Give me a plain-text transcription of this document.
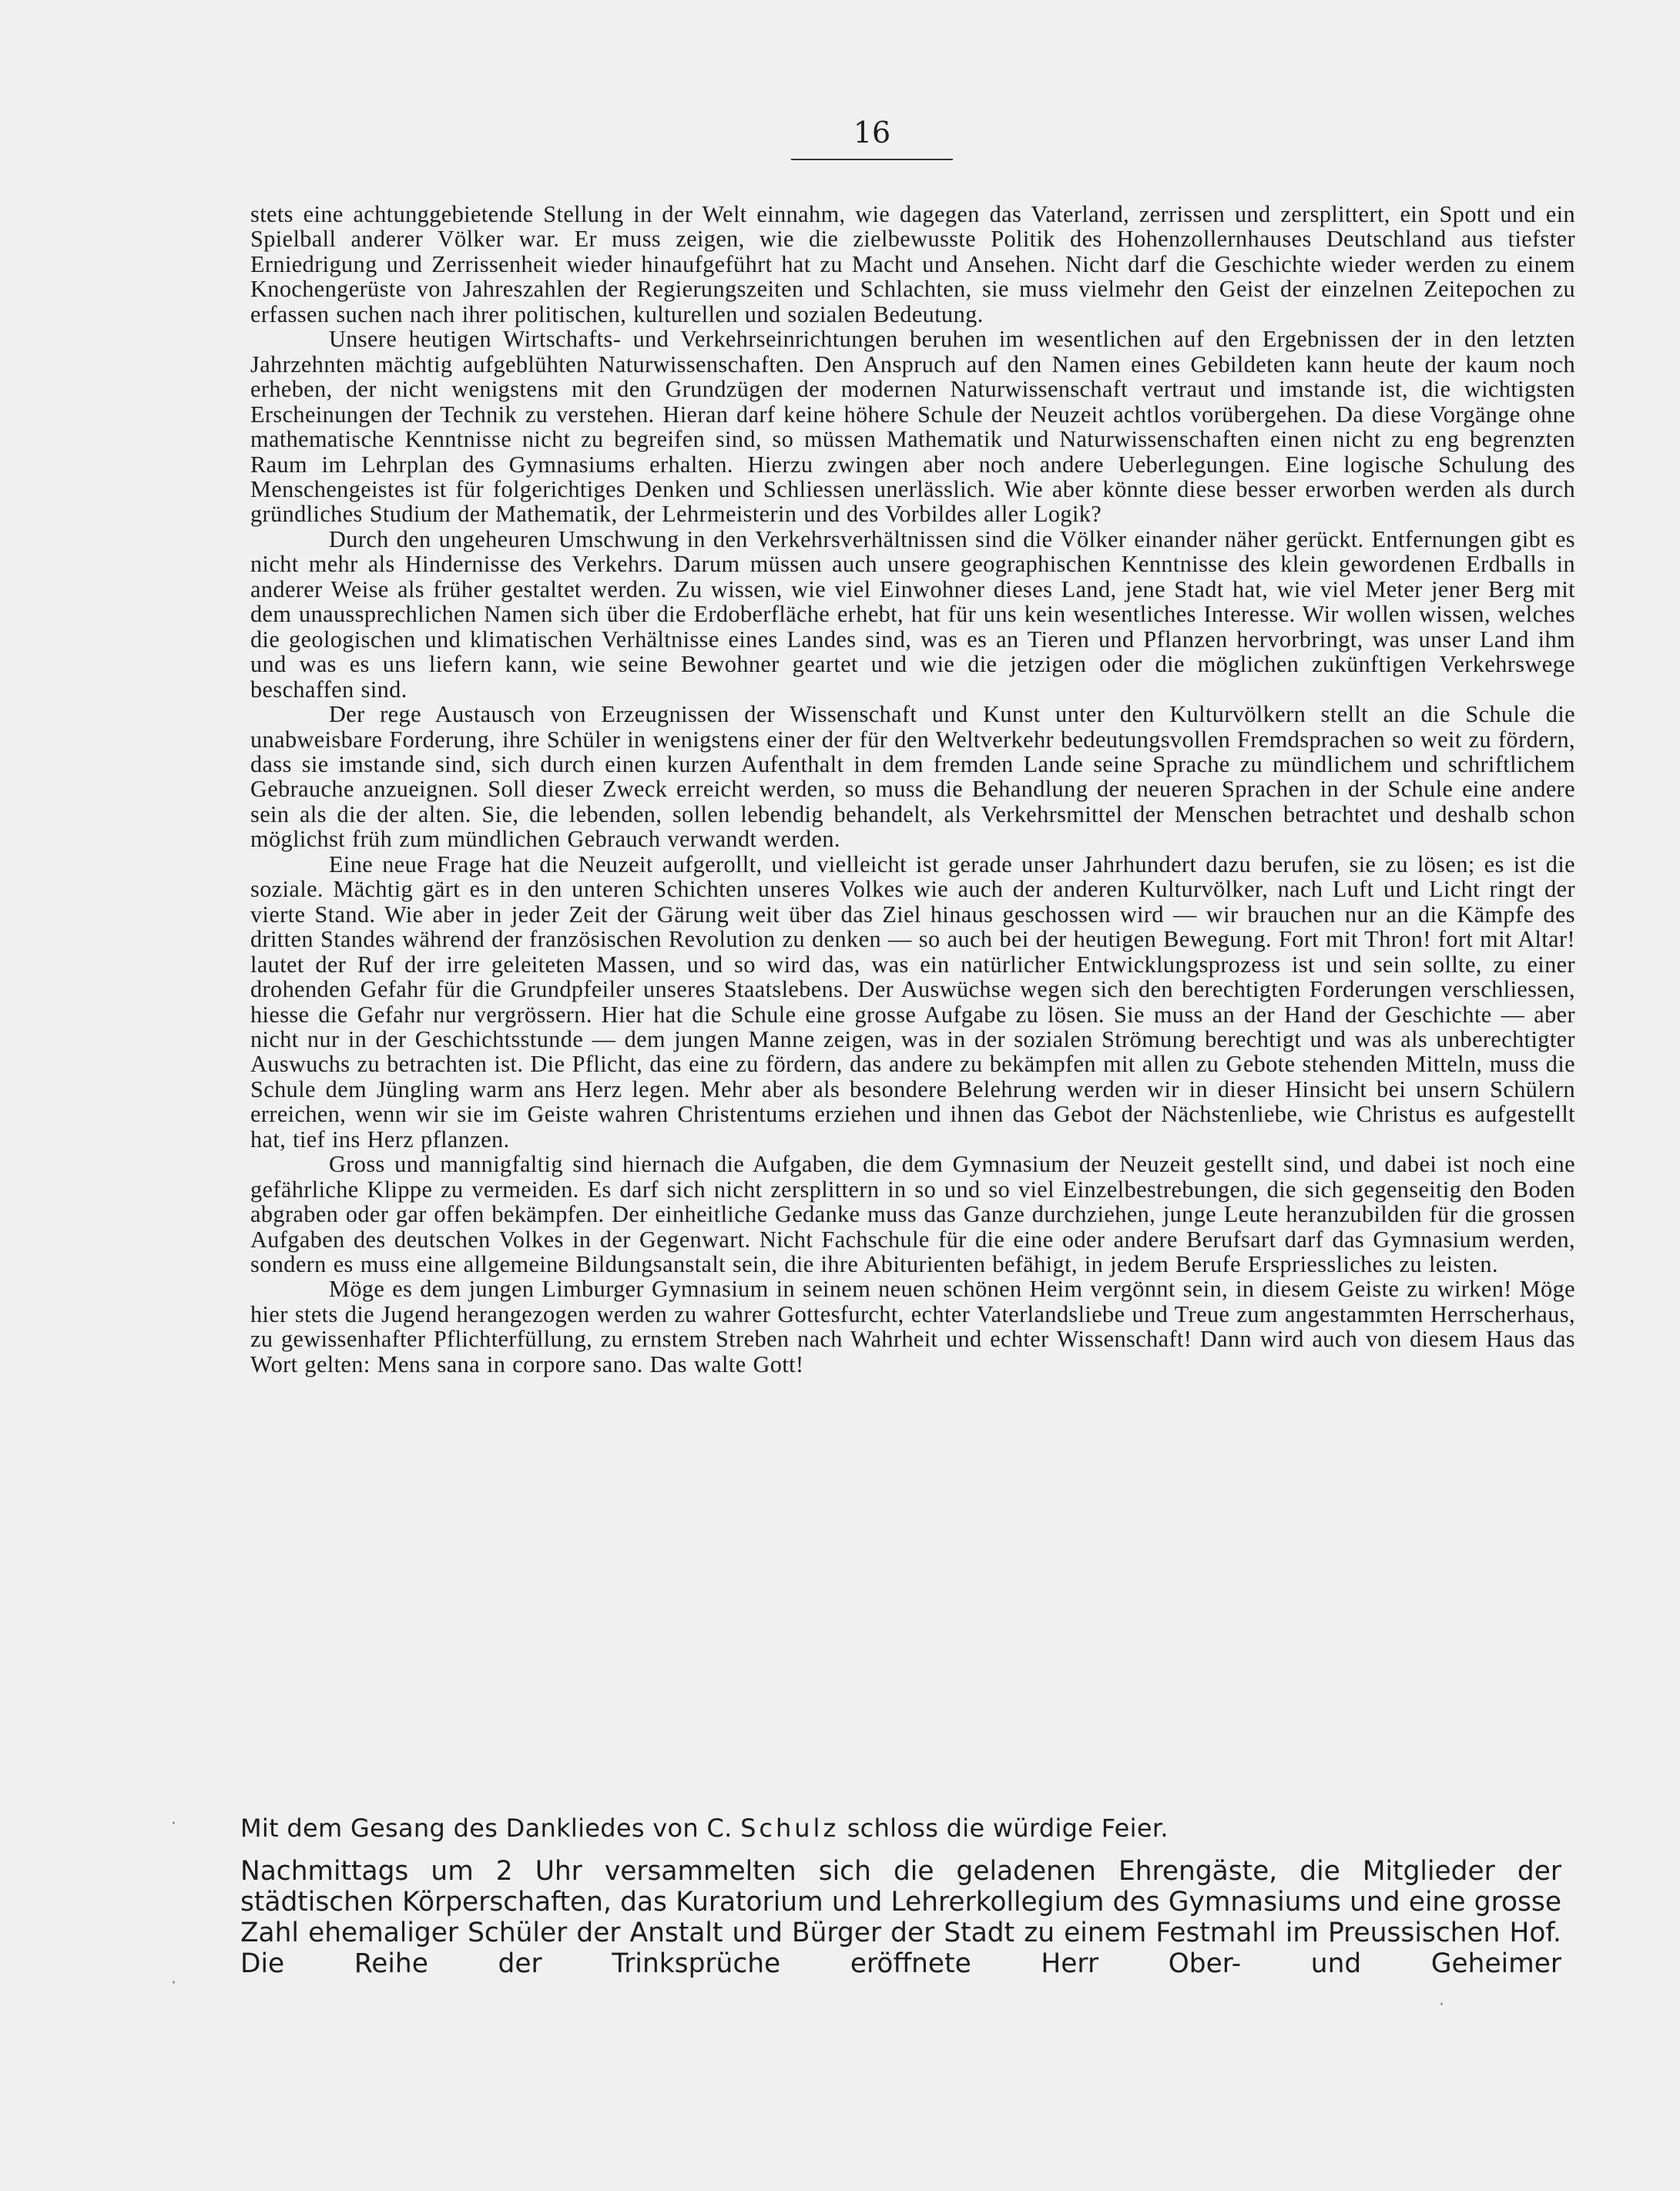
16

stets eine achtunggebietende Stellung in der Welt einnahm, wie dagegen das Vaterland, zerrissen und zersplittert, ein Spott und ein Spielball anderer Völker war. Er muss zeigen, wie die zielbewusste Politik des Hohenzollernhauses Deutschland aus tiefster Erniedrigung und Zerrissenheit wieder hinaufgeführt hat zu Macht und Ansehen. Nicht darf die Geschichte wieder werden zu einem Knochengerüste von Jahreszahlen der Regierungszeiten und Schlachten, sie muss vielmehr den Geist der einzelnen Zeitepochen zu erfassen suchen nach ihrer politischen, kulturellen und sozialen Bedeutung.

Unsere heutigen Wirtschafts- und Verkehrseinrichtungen beruhen im wesentlichen auf den Ergebnissen der in den letzten Jahrzehnten mächtig aufgeblühten Naturwissenschaften. Den Anspruch auf den Namen eines Gebildeten kann heute der kaum noch erheben, der nicht wenigstens mit den Grundzügen der modernen Naturwissenschaft vertraut und imstande ist, die wichtigsten Erscheinungen der Technik zu verstehen. Hieran darf keine höhere Schule der Neuzeit achtlos vorübergehen. Da diese Vorgänge ohne mathematische Kenntnisse nicht zu begreifen sind, so müssen Mathematik und Naturwissenschaften einen nicht zu eng begrenzten Raum im Lehrplan des Gymnasiums erhalten. Hierzu zwingen aber noch andere Ueberlegungen. Eine logische Schulung des Menschengeistes ist für folgerichtiges Denken und Schliessen unerlässlich. Wie aber könnte diese besser erworben werden als durch gründliches Studium der Mathematik, der Lehrmeisterin und des Vorbildes aller Logik?

Durch den ungeheuren Umschwung in den Verkehrsverhältnissen sind die Völker einander näher gerückt. Entfernungen gibt es nicht mehr als Hindernisse des Verkehrs. Darum müssen auch unsere geographischen Kenntnisse des klein gewordenen Erdballs in anderer Weise als früher gestaltet werden. Zu wissen, wie viel Einwohner dieses Land, jene Stadt hat, wie viel Meter jener Berg mit dem unaussprechlichen Namen sich über die Erdoberfläche erhebt, hat für uns kein wesentliches Interesse. Wir wollen wissen, welches die geologischen und klimatischen Verhältnisse eines Landes sind, was es an Tieren und Pflanzen hervorbringt, was unser Land ihm und was es uns liefern kann, wie seine Bewohner geartet und wie die jetzigen oder die möglichen zukünftigen Verkehrswege beschaffen sind.

Der rege Austausch von Erzeugnissen der Wissenschaft und Kunst unter den Kulturvölkern stellt an die Schule die unabweisbare Forderung, ihre Schüler in wenigstens einer der für den Weltverkehr bedeutungsvollen Fremdsprachen so weit zu fördern, dass sie imstande sind, sich durch einen kurzen Aufenthalt in dem fremden Lande seine Sprache zu mündlichem und schriftlichem Gebrauche anzueignen. Soll dieser Zweck erreicht werden, so muss die Behandlung der neueren Sprachen in der Schule eine andere sein als die der alten. Sie, die lebenden, sollen lebendig behandelt, als Verkehrsmittel der Menschen betrachtet und deshalb schon möglichst früh zum mündlichen Gebrauch verwandt werden.

Eine neue Frage hat die Neuzeit aufgerollt, und vielleicht ist gerade unser Jahrhundert dazu berufen, sie zu lösen; es ist die soziale. Mächtig gärt es in den unteren Schichten unseres Volkes wie auch der anderen Kulturvölker, nach Luft und Licht ringt der vierte Stand. Wie aber in jeder Zeit der Gärung weit über das Ziel hinaus geschossen wird — wir brauchen nur an die Kämpfe des dritten Standes während der französischen Revolution zu denken — so auch bei der heutigen Bewegung. Fort mit Thron! fort mit Altar! lautet der Ruf der irre geleiteten Massen, und so wird das, was ein natürlicher Entwicklungsprozess ist und sein sollte, zu einer drohenden Gefahr für die Grundpfeiler unseres Staatslebens. Der Auswüchse wegen sich den berechtigten Forderungen verschliessen, hiesse die Gefahr nur vergrössern. Hier hat die Schule eine grosse Aufgabe zu lösen. Sie muss an der Hand der Geschichte — aber nicht nur in der Geschichtsstunde — dem jungen Manne zeigen, was in der sozialen Strömung berechtigt und was als unberechtigter Auswuchs zu betrachten ist. Die Pflicht, das eine zu fördern, das andere zu bekämpfen mit allen zu Gebote stehenden Mitteln, muss die Schule dem Jüngling warm ans Herz legen. Mehr aber als besondere Belehrung werden wir in dieser Hinsicht bei unsern Schülern erreichen, wenn wir sie im Geiste wahren Christentums erziehen und ihnen das Gebot der Nächstenliebe, wie Christus es aufgestellt hat, tief ins Herz pflanzen.

Gross und mannigfaltig sind hiernach die Aufgaben, die dem Gymnasium der Neuzeit gestellt sind, und dabei ist noch eine gefährliche Klippe zu vermeiden. Es darf sich nicht zersplittern in so und so viel Einzelbestrebungen, die sich gegenseitig den Boden abgraben oder gar offen bekämpfen. Der einheitliche Gedanke muss das Ganze durchziehen, junge Leute heranzubilden für die grossen Aufgaben des deutschen Volkes in der Gegenwart. Nicht Fachschule für die eine oder andere Berufsart darf das Gymnasium werden, sondern es muss eine allgemeine Bildungsanstalt sein, die ihre Abiturienten befähigt, in jedem Berufe Erspriessliches zu leisten.

Möge es dem jungen Limburger Gymnasium in seinem neuen schönen Heim vergönnt sein, in diesem Geiste zu wirken! Möge hier stets die Jugend herangezogen werden zu wahrer Gottesfurcht, echter Vaterlandsliebe und Treue zum angestammten Herrscherhaus, zu gewissenhafter Pflichterfüllung, zu ernstem Streben nach Wahrheit und echter Wissenschaft! Dann wird auch von diesem Haus das Wort gelten: Mens sana in corpore sano. Das walte Gott!

Mit dem Gesang des Dankliedes von C. Schulz schloss die würdige Feier.

Nachmittags um 2 Uhr versammelten sich die geladenen Ehrengäste, die Mitglieder der städtischen Körperschaften, das Kuratorium und Lehrerkollegium des Gymnasiums und eine grosse Zahl ehemaliger Schüler der Anstalt und Bürger der Stadt zu einem Festmahl im Preussischen Hof. Die Reihe der Trinksprüche eröffnete Herr Ober- und Geheimer

·
·
·
